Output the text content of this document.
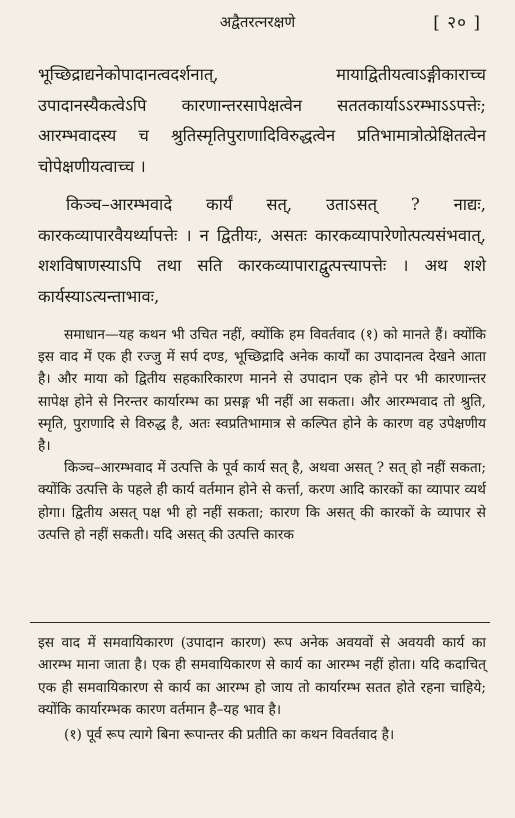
अद्वैतरत्नरक्षणे	[ २० ]

भूच्छिद्राद्यनेकोपादानत्वदर्शनात्, मायाद्वितीयत्वाऽङ्गीकाराच्च उपादानस्यैकत्वेऽपि कारणान्तरसापेक्षत्वेन सततकार्याऽऽरम्भाऽऽपत्तेः; आरम्भवादस्य च श्रुतिस्मृतिपुराणादिविरुद्धत्वेन प्रतिभामात्रोत्प्रेक्षितत्वेन चोपेक्षणीयत्वाच्च ।

किञ्च–आरम्भवादे कार्यं सत्, उताऽसत् ? नाद्यः, कारकव्यापारवैयर्थ्यापत्तेः । न द्वितीयः, असतः कारकव्यापारेणोत्पत्यसंभवात्, शशविषाणस्याऽपि तथा सति कारकव्यापाराद्वुत्पत्त्यापत्तेः । अथ शशे कार्यस्याऽत्यन्ताभावः,

समाधान—यह कथन भी उचित नहीं, क्योंकि हम विवर्तवाद (१) को मानते हैं। क्योंकि इस वाद में एक ही रज्जु में सर्प दण्ड, भूच्छिद्रादि अनेक कार्यों का उपादानत्व देखने आता है। और माया को द्वितीय सहकारिकारण मानने से उपादान एक होने पर भी कारणान्तर सापेक्ष होने से निरन्तर कार्यारम्भ का प्रसङ्ग भी नहीं आ सकता। और आरम्भवाद तो श्रुति, स्मृति, पुराणादि से विरुद्ध है, अतः स्वप्रतिभामात्र से कल्पित होने के कारण वह उपेक्षणीय है।

किञ्च–आरम्भवाद में उत्पत्ति के पूर्व कार्य सत् है, अथवा असत् ? सत् हो नहीं सकता; क्योंकि उत्पत्ति के पहले ही कार्य वर्तमान होने से कर्त्ता, करण आदि कारकों का व्यापार व्यर्थ होगा। द्वितीय असत् पक्ष भी हो नहीं सकता; कारण कि असत् की कारकों के व्यापार से उत्पत्ति हो नहीं सकती। यदि असत् की उत्पत्ति कारक

इस वाद में समवायिकारण (उपादान कारण) रूप अनेक अवयवों से अवयवी कार्य का आरम्भ माना जाता है। एक ही समवायिकारण से कार्य का आरम्भ नहीं होता। यदि कदाचित् एक ही समवायिकारण से कार्य का आरम्भ हो जाय तो कार्यारम्भ सतत होते रहना चाहिये; क्योंकि कार्यारम्भक कारण वर्तमान है–यह भाव है।

(१) पूर्व रूप त्यागे बिना रूपान्तर की प्रतीति का कथन विवर्तवाद है।
